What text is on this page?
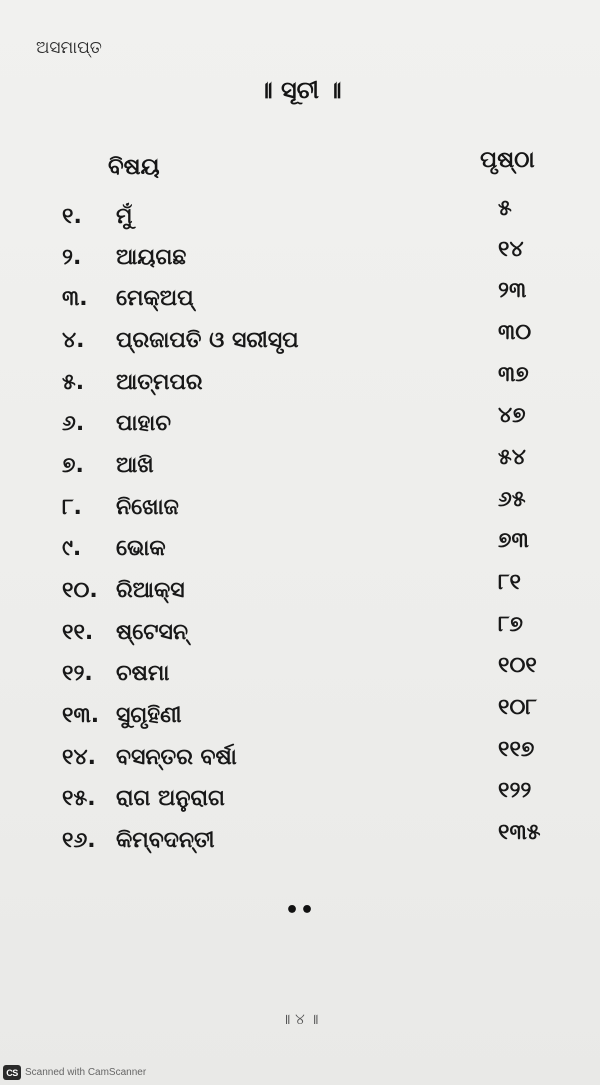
ଅସମାପ୍ତ
॥ ସୂଚୀ ॥
ବିଷୟ	ପୃଷ୍ଠା
୧. ମୁଁ	୫
୨. ଆୟଗଛ	୧୪
୩. ମେକ୍‌ଅପ୍	୨୩
୪. ପ୍ରଜାପତି ଓ ସରୀସୃପ	୩୦
୫. ଆତ୍ମପର	୩୭
୬. ପାହାଚ	୪୭
୭. ଆଖି	୫୪
୮. ନିଖୋଜ	୬୫
୯. ଭୋକ	୭୩
୧୦. ରିଆକ୍ସ	୮୧
୧୧. ଷ୍ଟେସନ୍	୮୭
୧୨. ଚଷମା	୧୦୧
୧୩. ସୁଗୃହିଣୀ	୧୦୮
୧୪. ବସନ୍ତର ବର୍ଷା	୧୧୭
୧୫. ରାଗ ଅନୁରାଗ	୧୨୨
୧୬. କିମ୍ବଦନ୍ତୀ	୧୩୫
••
॥ ୪ ॥
CS Scanned with CamScanner
